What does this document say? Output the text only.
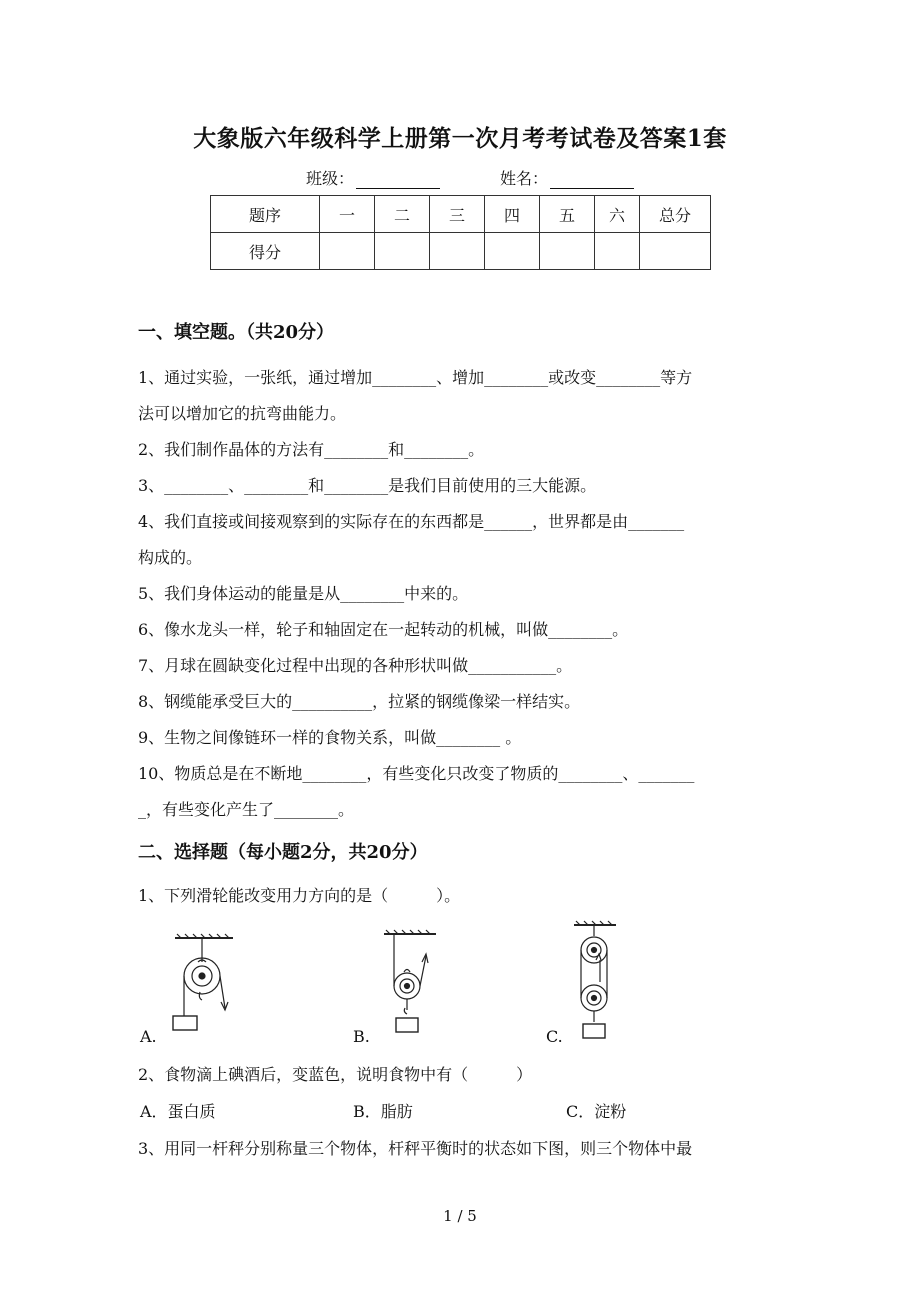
大象版六年级科学上册第一次月考考试卷及答案1套
班级：	姓名：
题序	一	二	三	四	五	六	总分
得分							
一、填空题。（共20分）
1、通过实验，一张纸，通过增加________、增加________或改变________等方
法可以增加它的抗弯曲能力。
2、我们制作晶体的方法有________和________。
3、________、________和________是我们目前使用的三大能源。
4、我们直接或间接观察到的实际存在的东西都是______，世界都是由_______
构成的。
5、我们身体运动的能量是从________中来的。
6、像水龙头一样，轮子和轴固定在一起转动的机械，叫做________。
7、月球在圆缺变化过程中出现的各种形状叫做___________。
8、钢缆能承受巨大的__________，拉紧的钢缆像梁一样结实。
9、生物之间像链环一样的食物关系，叫做________ 。
10、物质总是在不断地________，有些变化只改变了物质的________、_______
_，有些变化产生了________。
二、选择题（每小题2分，共20分）
1、下列滑轮能改变用力方向的是（　　　）。
A.	B.	C.
2、食物滴上碘酒后，变蓝色，说明食物中有（　　　）
A．蛋白质	B．脂肪	C．淀粉
3、用同一杆秤分别称量三个物体，杆秤平衡时的状态如下图，则三个物体中最
1 / 5
